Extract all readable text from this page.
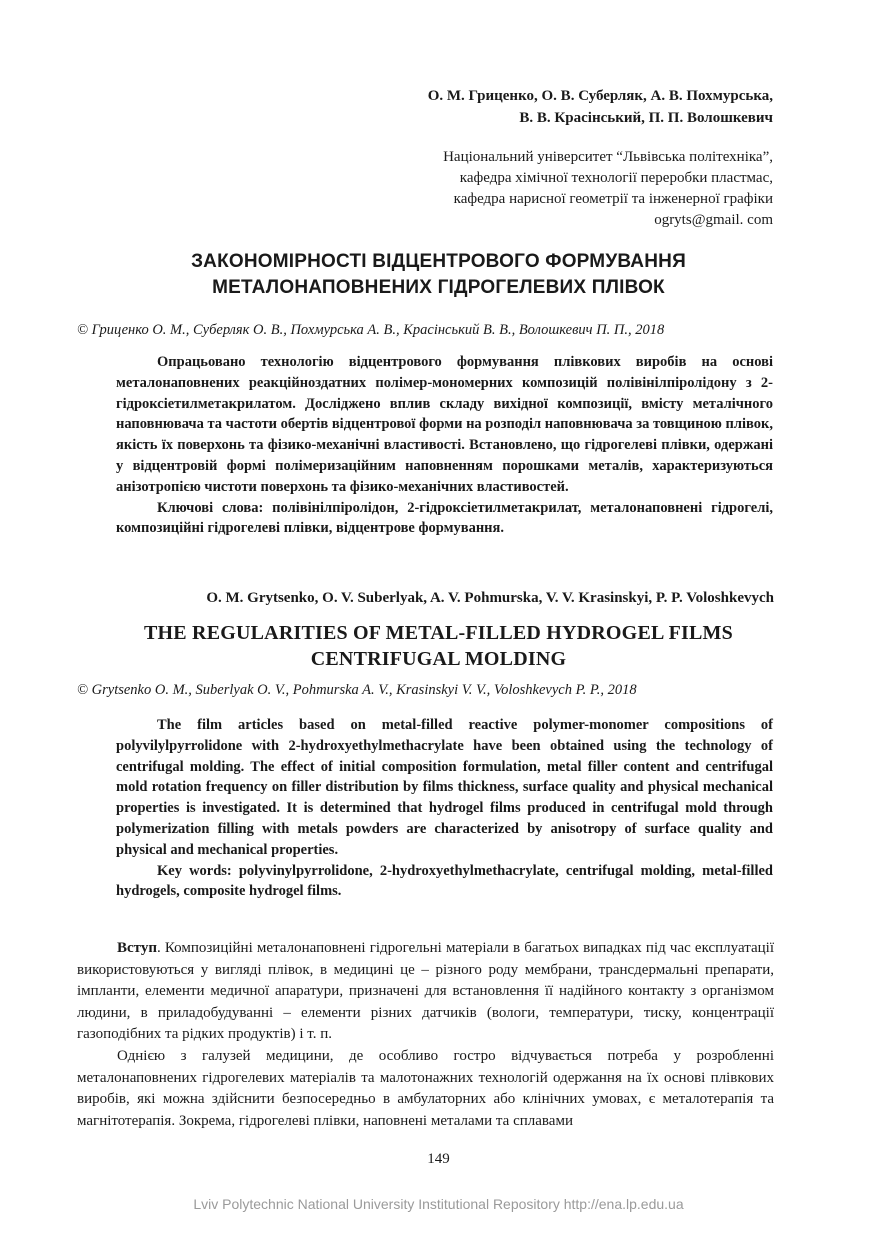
О. М. Гриценко, О. В. Суберляк, А. В. Похмурська,
В. В. Красінський, П. П. Волошкевич
Національний університет “Львівська політехніка”,
кафедра хімічної технології переробки пластмас,
кафедра нарисної геометрії та інженерної графіки
ogryts@gmail. com
ЗАКОНОМІРНОСТІ ВІДЦЕНТРОВОГО ФОРМУВАННЯ
МЕТАЛОНАПОВНЕНИХ ГІДРОГЕЛЕВИХ ПЛІВОК
© Гриценко О. М., Суберляк О. В., Похмурська А. В., Красінський В. В., Волошкевич П. П., 2018

Опрацьовано технологію відцентрового формування плівкових виробів на основі металонаповнених реакційноздатних полімер-мономерних композицій полівінілпіролідону з 2-гідроксіетилметакрилатом. Досліджено вплив складу вихідної композиції, вмісту металічного наповнювача та частоти обертів відцентрової форми на розподіл наповнювача за товщиною плівок, якість їх поверхонь та фізико-механічні властивості. Встановлено, що гідрогелеві плівки, одержані у відцентровій формі полімеризаційним наповненням порошками металів, характеризуються анізотропією чистоти поверхонь та фізико-механічних властивостей.

Ключові слова: полівінілпіролідон, 2-гідроксіетилметакрилат, металонаповнені гідрогелі, композиційні гідрогелеві плівки, відцентрове формування.

O. M. Grytsenko, O. V. Suberlyak, A. V. Pohmurska, V. V. Krasinskyi, P. P. Voloshkevych
THE REGULARITIES OF METAL-FILLED HYDROGEL FILMS
CENTRIFUGAL MOLDING
© Grytsenko O. M., Suberlyak O. V., Pohmurska A. V., Krasinskyi V. V., Voloshkevych P. P., 2018

The film articles based on metal-filled reactive polymer-monomer compositions of polyvilylpyrrolidone with 2-hydroxyethylmethacrylate have been obtained using the technology of centrifugal molding. The effect of initial composition formulation, metal filler content and centrifugal mold rotation frequency on filler distribution by films thickness, surface quality and physical mechanical properties is investigated. It is determined that hydrogel films produced in centrifugal mold through polymerization filling with metals powders are characterized by anisotropy of surface quality and physical and mechanical properties.

Key words: polyvinylpyrrolidone, 2-hydroxyethylmethacrylate, centrifugal molding, metal-filled hydrogels, composite hydrogel films.

Вступ. Композиційні металонаповнені гідрогельні матеріали в багатьох випадках під час експлуатації використовуються у вигляді плівок, в медицині це – різного роду мембрани, трансдермальні препарати, імпланти, елементи медичної апаратури, призначені для встановлення її надійного контакту з організмом людини, в приладобудуванні – елементи різних датчиків (вологи, температури, тиску, концентрації газоподібних та рідких продуктів) і т. п.

Однією з галузей медицини, де особливо гостро відчувається потреба у розробленні металонаповнених гідрогелевих матеріалів та малотонажних технологій одержання на їх основі плівкових виробів, які можна здійснити безпосередньо в амбулаторних або клінічних умовах, є металотерапія та магнітотерапія. Зокрема, гідрогелеві плівки, наповнені металами та сплавами

149
Lviv Polytechnic National University Institutional Repository http://ena.lp.edu.ua
